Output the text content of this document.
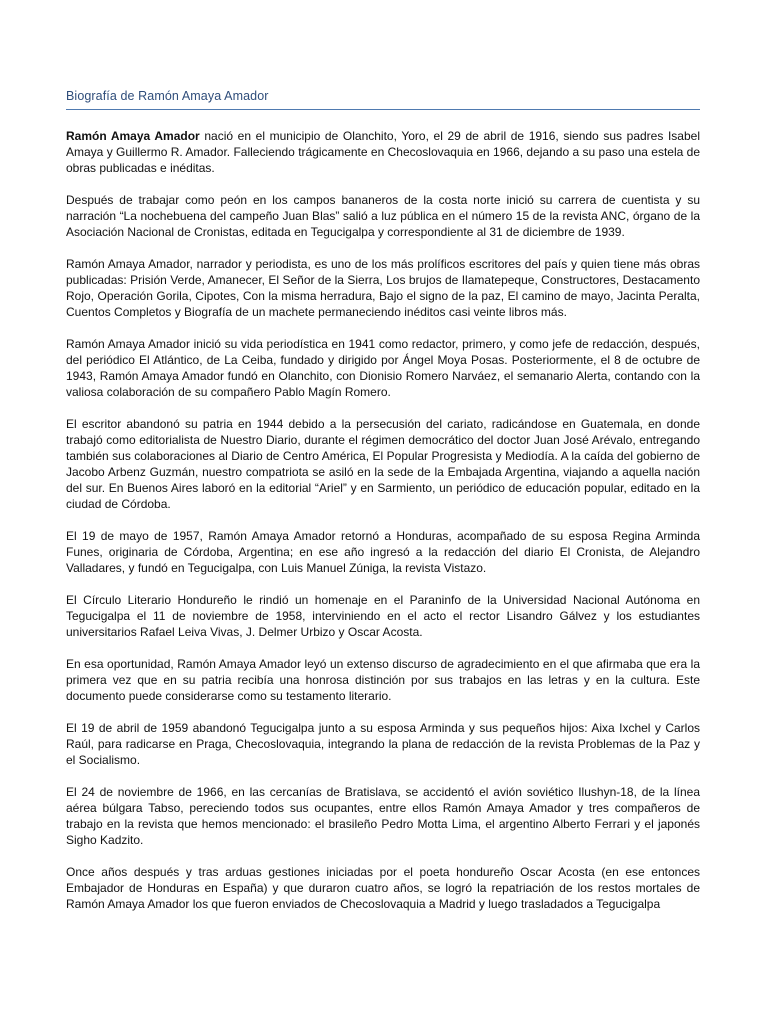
Biografía de Ramón Amaya Amador

Ramón Amaya Amador nació en el municipio de Olanchito, Yoro, el 29 de abril de 1916, siendo sus padres Isabel Amaya y Guillermo R. Amador. Falleciendo trágicamente en Checoslovaquia en 1966, dejando a su paso una estela de obras publicadas e inéditas.

Después de trabajar como peón en los campos bananeros de la costa norte inició su carrera de cuentista y su narración “La nochebuena del campeño Juan Blas” salió a luz pública en el número 15 de la revista ANC, órgano de la Asociación Nacional de Cronistas, editada en Tegucigalpa y correspondiente al 31 de diciembre de 1939.

Ramón Amaya Amador, narrador y periodista, es uno de los más prolíficos escritores del país y quien tiene más obras publicadas: Prisión Verde, Amanecer, El Señor de la Sierra, Los brujos de Ilamatepeque, Constructores, Destacamento Rojo, Operación Gorila, Cipotes, Con la misma herradura, Bajo el signo de la paz, El camino de mayo, Jacinta Peralta, Cuentos Completos y Biografía de un machete permaneciendo inéditos casi veinte libros más.

Ramón Amaya Amador inició su vida periodística en 1941 como redactor, primero, y como jefe de redacción, después, del periódico El Atlántico, de La Ceiba, fundado y dirigido por Ángel Moya Posas. Posteriormente, el 8 de octubre de 1943, Ramón Amaya Amador fundó en Olanchito, con Dionisio Romero Narváez, el semanario Alerta, contando con la valiosa colaboración de su compañero Pablo Magín Romero.

El escritor abandonó su patria en 1944 debido a la persecusión del cariato, radicándose en Guatemala, en donde trabajó como editorialista de Nuestro Diario, durante el régimen democrático del doctor Juan José Arévalo, entregando también sus colaboraciones al Diario de Centro América, El Popular Progresista y Mediodía. A la caída del gobierno de Jacobo Arbenz Guzmán, nuestro compatriota se asiló en la sede de la Embajada Argentina, viajando a aquella nación del sur. En Buenos Aires laboró en la editorial “Ariel” y en Sarmiento, un periódico de educación popular, editado en la ciudad de Córdoba.

El 19 de mayo de 1957, Ramón Amaya Amador retornó a Honduras, acompañado de su esposa Regina Arminda Funes, originaria de Córdoba, Argentina; en ese año ingresó a la redacción del diario El Cronista, de Alejandro Valladares, y fundó en Tegucigalpa, con Luis Manuel Zúniga, la revista Vistazo.

El Círculo Literario Hondureño le rindió un homenaje en el Paraninfo de la Universidad Nacional Autónoma en Tegucigalpa el 11 de noviembre de 1958, interviniendo en el acto el rector Lisandro Gálvez y los estudiantes universitarios Rafael Leiva Vivas, J. Delmer Urbizo y Oscar Acosta.

En esa oportunidad, Ramón Amaya Amador leyó un extenso discurso de agradecimiento en el que afirmaba que era la primera vez que en su patria recibía una honrosa distinción por sus trabajos en las letras y en la cultura. Este documento puede considerarse como su testamento literario.

El 19 de abril de 1959 abandonó Tegucigalpa junto a su esposa Arminda y sus pequeños hijos: Aixa Ixchel y Carlos Raúl, para radicarse en Praga, Checoslovaquia, integrando la plana de redacción de la revista Problemas de la Paz y el Socialismo.

El 24 de noviembre de 1966, en las cercanías de Bratislava, se accidentó el avión soviético Ilushyn-18, de la línea aérea búlgara Tabso, pereciendo todos sus ocupantes, entre ellos Ramón Amaya Amador y tres compañeros de trabajo en la revista que hemos mencionado: el brasileño Pedro Motta Lima, el argentino Alberto Ferrari y el japonés Sigho Kadzito.

Once años después y tras arduas gestiones iniciadas por el poeta hondureño Oscar Acosta (en ese entonces Embajador de Honduras en España) y que duraron cuatro años, se logró la repatriación de los restos mortales de Ramón Amaya Amador los que fueron enviados de Checoslovaquia a Madrid y luego trasladados a Tegucigalpa
